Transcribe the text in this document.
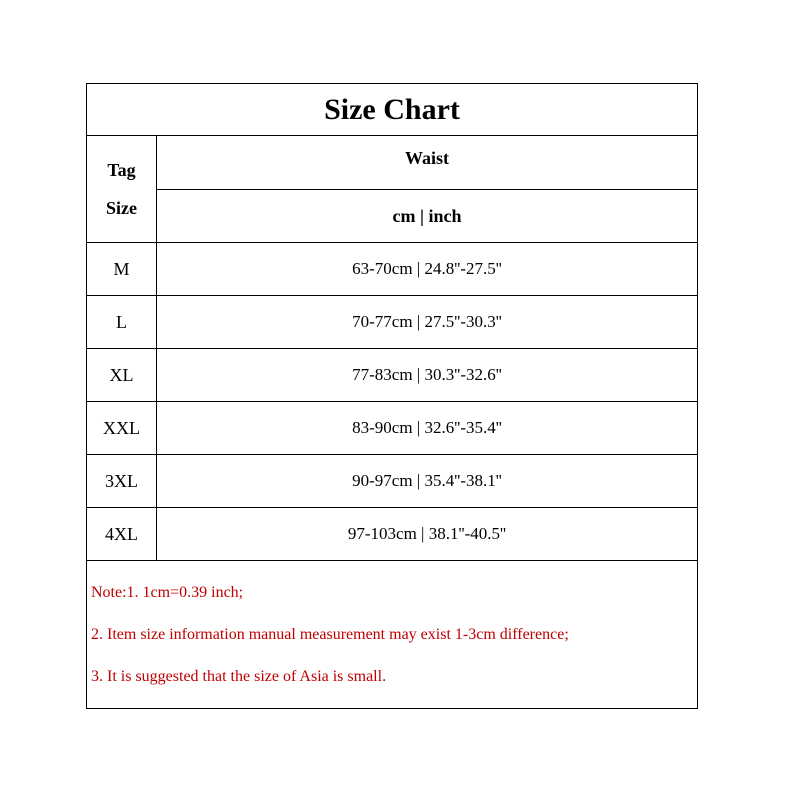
Size Chart
Tag
Size
Waist
cm | inch
M	63-70cm | 24.8''-27.5''
L	70-77cm | 27.5''-30.3''
XL	77-83cm | 30.3''-32.6''
XXL	83-90cm | 32.6''-35.4''
3XL	90-97cm | 35.4''-38.1''
4XL	97-103cm | 38.1''-40.5''
Note:1. 1cm=0.39 inch;
2. Item size information manual measurement may exist 1-3cm difference;
3. It is suggested that the size of Asia is small.
